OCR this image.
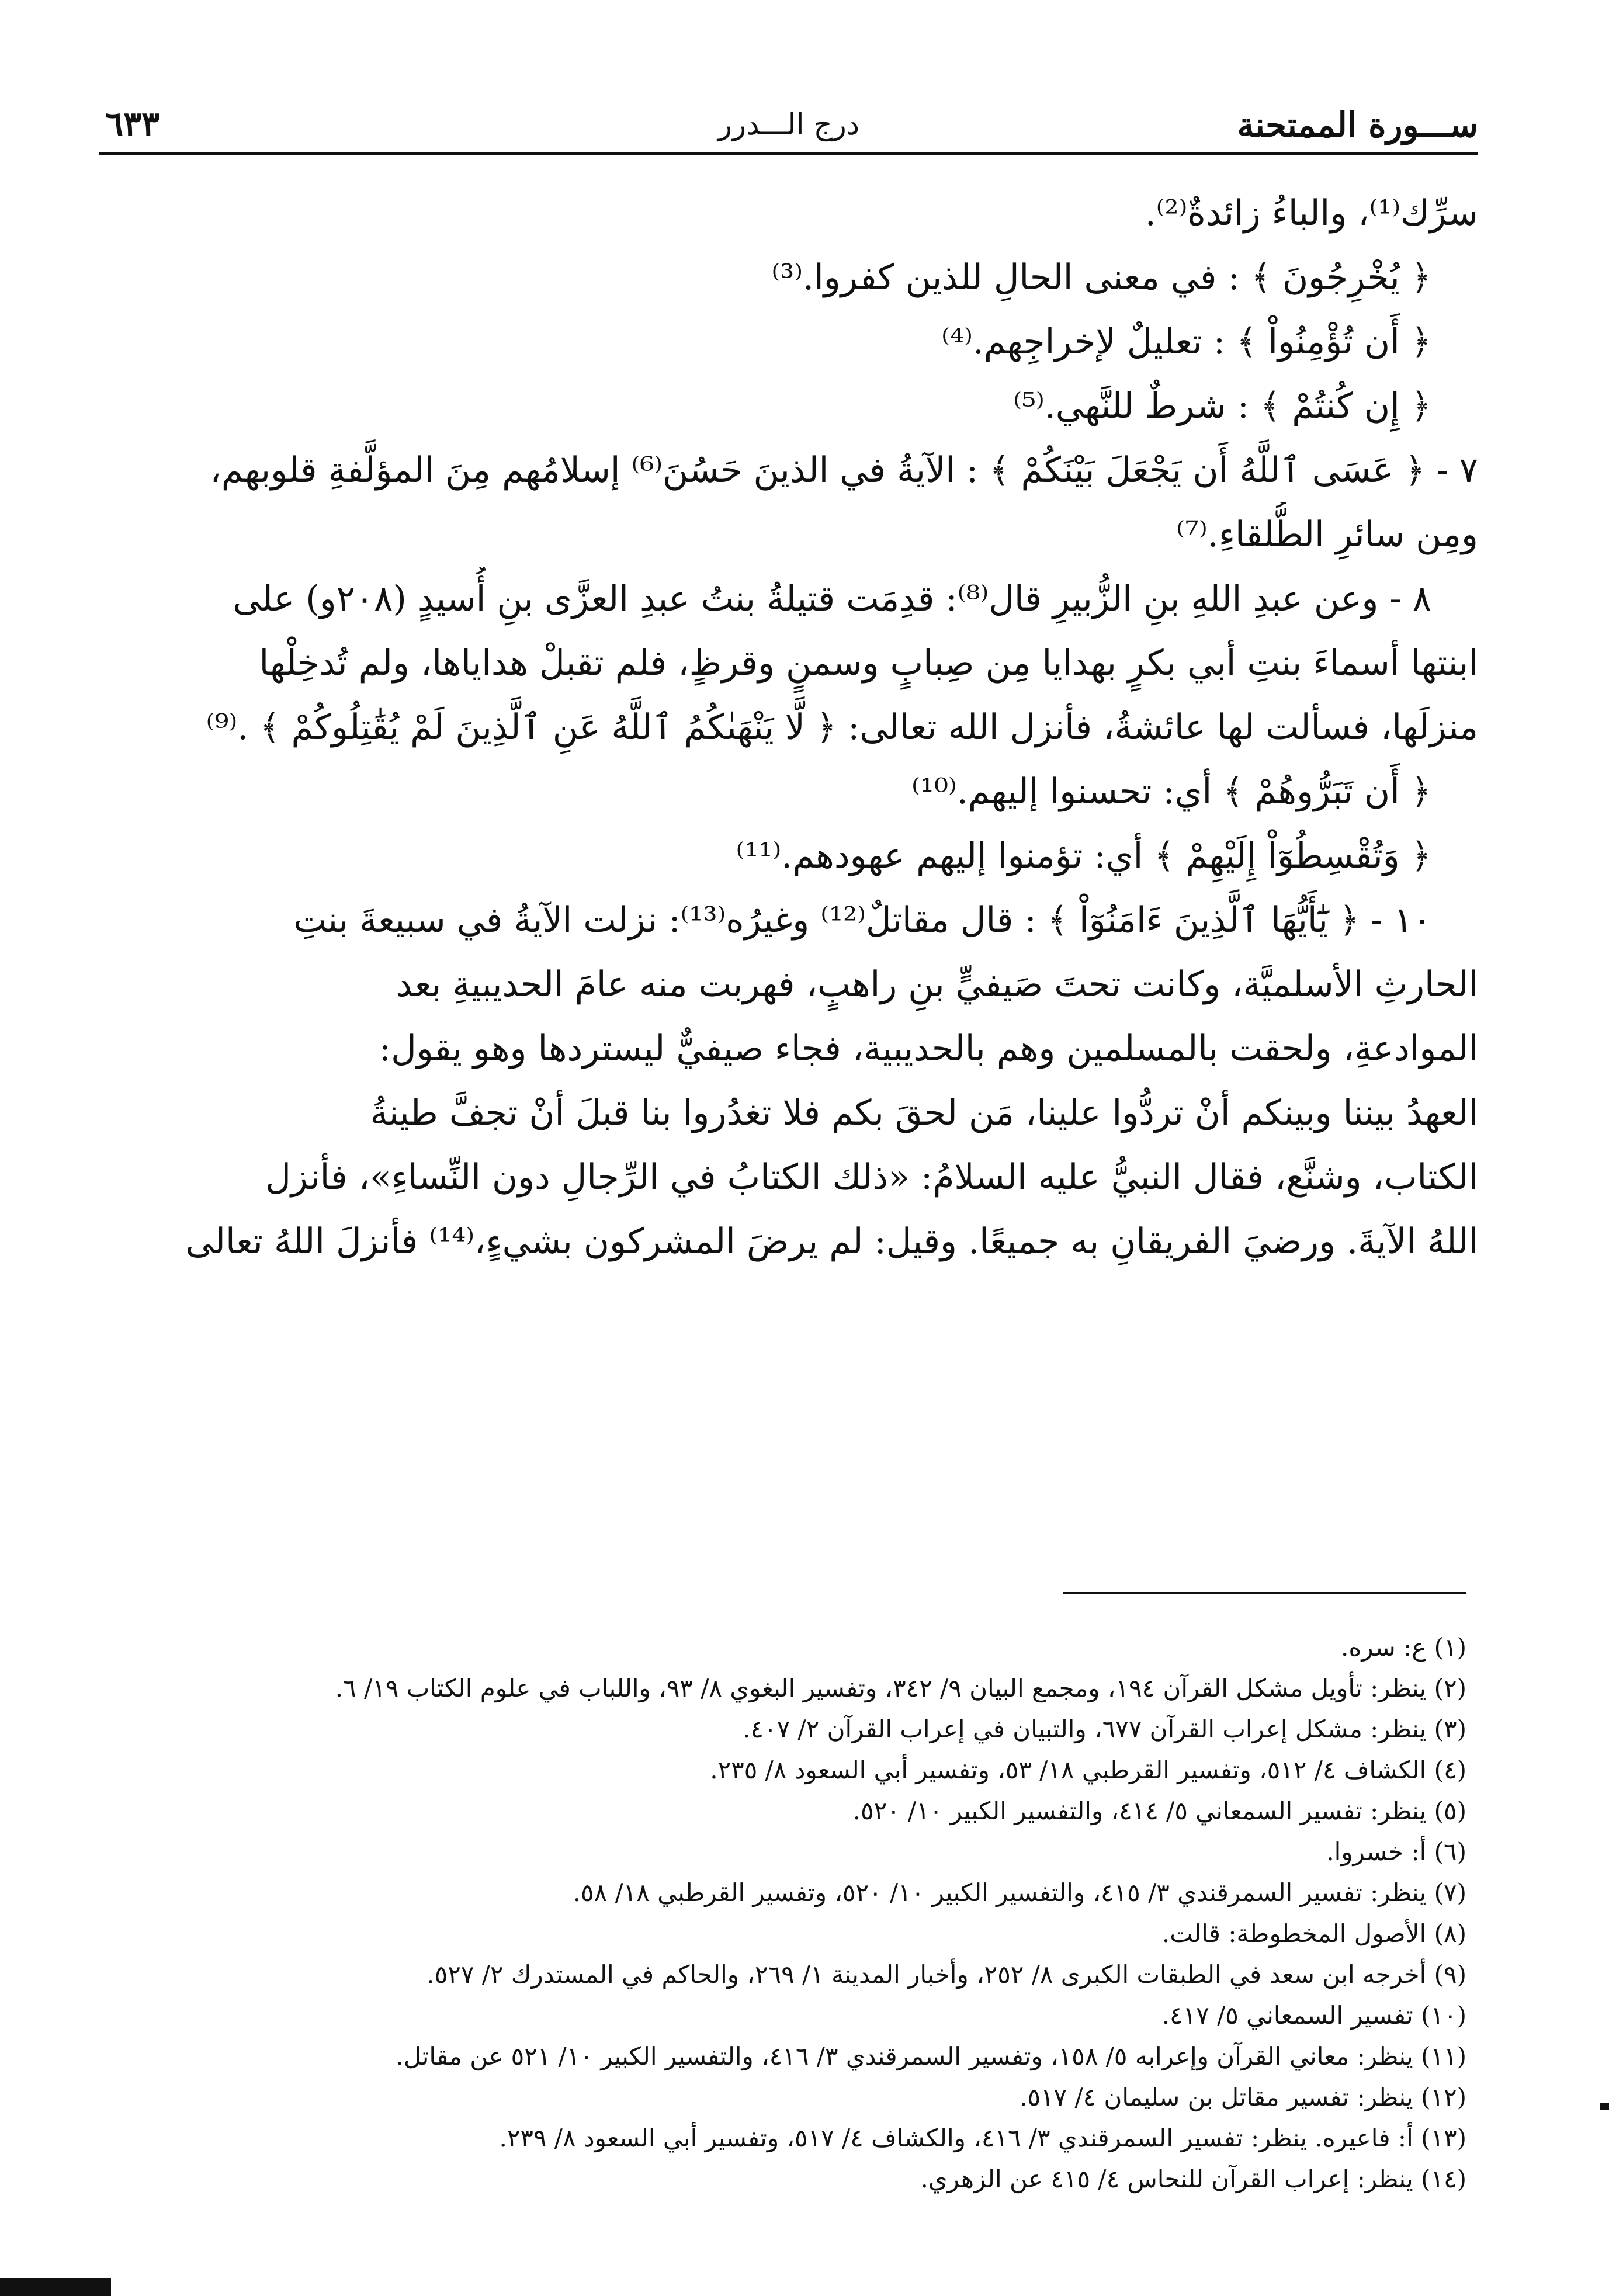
ســـورة الممتحنة
درج الـــدرر
٦٣٣
سرِّك⁽¹⁾، والباءُ زائدةٌ⁽²⁾.
﴿ يُخْرِجُونَ ﴾ : في معنى الحالِ للذين كفروا.⁽³⁾
﴿ أَن تُؤْمِنُواْ ﴾ : تعليلٌ لإخراجِهم.⁽⁴⁾
﴿ إِن كُنتُمْ ﴾ : شرطٌ للنَّهي.⁽⁵⁾
٧ - ﴿ عَسَى ٱللَّهُ أَن يَجْعَلَ بَيْنَكُمْ ﴾ : الآيةُ في الذينَ حَسُنَ⁽⁶⁾ إسلامُهم مِنَ المؤلَّفةِ قلوبهم،
ومِن سائرِ الطُّلقاءِ.⁽⁷⁾
٨ - وعن عبدِ اللهِ بنِ الزُّبيرِ قال⁽⁸⁾: قدِمَت قتيلةُ بنتُ عبدِ العزَّى بنِ أُسيدٍ (٢٠٨و) على
ابنتها أسماءَ بنتِ أبي بكرٍ بهدايا مِن صِبابٍ وسمنٍ وقرظٍ، فلم تقبلْ هداياها، ولم تُدخِلْها
منزلَها، فسألت لها عائشةُ، فأنزل الله تعالى: ﴿ لَّا يَنْهَىٰكُمُ ٱللَّهُ عَنِ ٱلَّذِينَ لَمْ يُقَٰتِلُوكُمْ ﴾ .⁽⁹⁾
﴿ أَن تَبَرُّوهُمْ ﴾ أي: تحسنوا إليهم.⁽¹⁰⁾
﴿ وَتُقْسِطُوٓاْ إِلَيْهِمْ ﴾ أي: تؤمنوا إليهم عهودهم.⁽¹¹⁾
١٠ - ﴿ يَٰٓأَيُّهَا ٱلَّذِينَ ءَامَنُوٓاْ ﴾ : قال مقاتلٌ⁽¹²⁾ وغيرُه⁽¹³⁾: نزلت الآيةُ في سبيعةَ بنتِ
الحارثِ الأسلميَّة، وكانت تحتَ صَيفيٍّ بنِ راهبٍ، فهربت منه عامَ الحديبيةِ بعد
الموادعةِ، ولحقت بالمسلمين وهم بالحديبية، فجاء صيفيٌّ ليستردها وهو يقول:
العهدُ بيننا وبينكم أنْ تردُّوا علينا، مَن لحقَ بكم فلا تغدُروا بنا قبلَ أنْ تجفَّ طينةُ
الكتاب، وشنَّع، فقال النبيُّ عليه السلامُ: «ذلك الكتابُ في الرِّجالِ دون النِّساءِ»، فأنزل
اللهُ الآيةَ. ورضيَ الفريقانِ به جميعًا. وقيل: لم يرضَ المشركون بشيءٍ،⁽¹⁴⁾ فأنزلَ اللهُ تعالى
(١) ع: سره.
(٢) ينظر: تأويل مشكل القرآن ١٩٤، ومجمع البيان ٩/ ٣٤٢، وتفسير البغوي ٨/ ٩٣، واللباب في علوم الكتاب ١٩/ ٦.
(٣) ينظر: مشكل إعراب القرآن ٦٧٧، والتبيان في إعراب القرآن ٢/ ٤٠٧.
(٤) الكشاف ٤/ ٥١٢، وتفسير القرطبي ١٨/ ٥٣، وتفسير أبي السعود ٨/ ٢٣٥.
(٥) ينظر: تفسير السمعاني ٥/ ٤١٤، والتفسير الكبير ١٠/ ٥٢٠.
(٦) أ: خسروا.
(٧) ينظر: تفسير السمرقندي ٣/ ٤١٥، والتفسير الكبير ١٠/ ٥٢٠، وتفسير القرطبي ١٨/ ٥٨.
(٨) الأصول المخطوطة: قالت.
(٩) أخرجه ابن سعد في الطبقات الكبرى ٨/ ٢٥٢، وأخبار المدينة ١/ ٢٦٩، والحاكم في المستدرك ٢/ ٥٢٧.
(١٠) تفسير السمعاني ٥/ ٤١٧.
(١١) ينظر: معاني القرآن وإعرابه ٥/ ١٥٨، وتفسير السمرقندي ٣/ ٤١٦، والتفسير الكبير ١٠/ ٥٢١ عن مقاتل.
(١٢) ينظر: تفسير مقاتل بن سليمان ٤/ ٥١٧.
(١٣) أ: فاعيره. ينظر: تفسير السمرقندي ٣/ ٤١٦، والكشاف ٤/ ٥١٧، وتفسير أبي السعود ٨/ ٢٣٩.
(١٤) ينظر: إعراب القرآن للنحاس ٤/ ٤١٥ عن الزهري.
